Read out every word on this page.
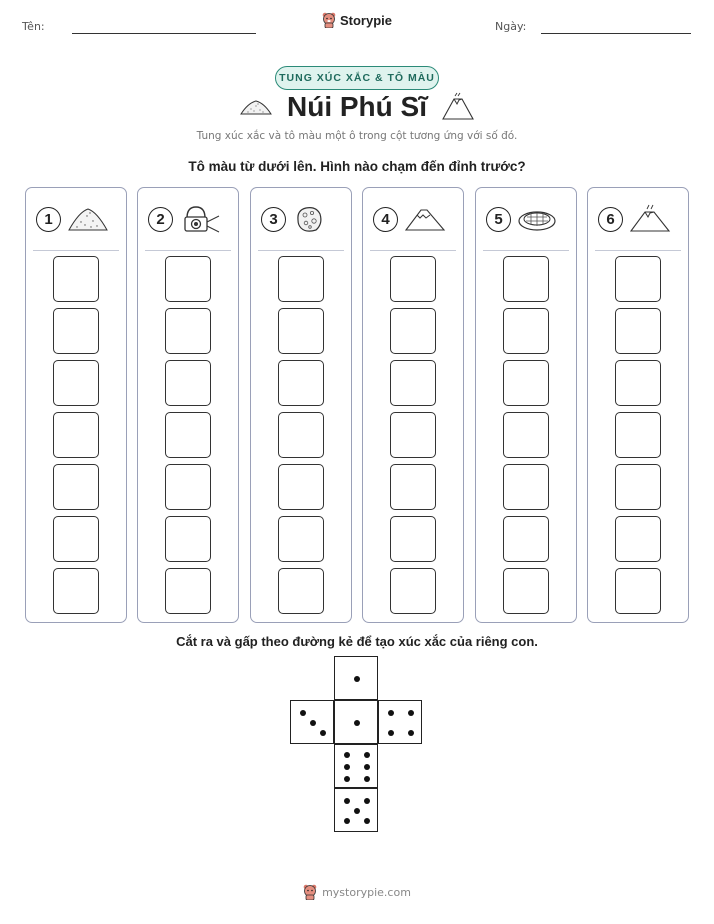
Tên:	Ngày:
Storypie
TUNG XÚC XẮC & TÔ MÀU
Núi Phú Sĩ
Tung xúc xắc và tô màu một ô trong cột tương ứng với số đó.
Tô màu từ dưới lên. Hình nào chạm đến đỉnh trước?
1	2	3	4	5	6
Cắt ra và gấp theo đường kẻ để tạo xúc xắc của riêng con.
mystorypie.com
